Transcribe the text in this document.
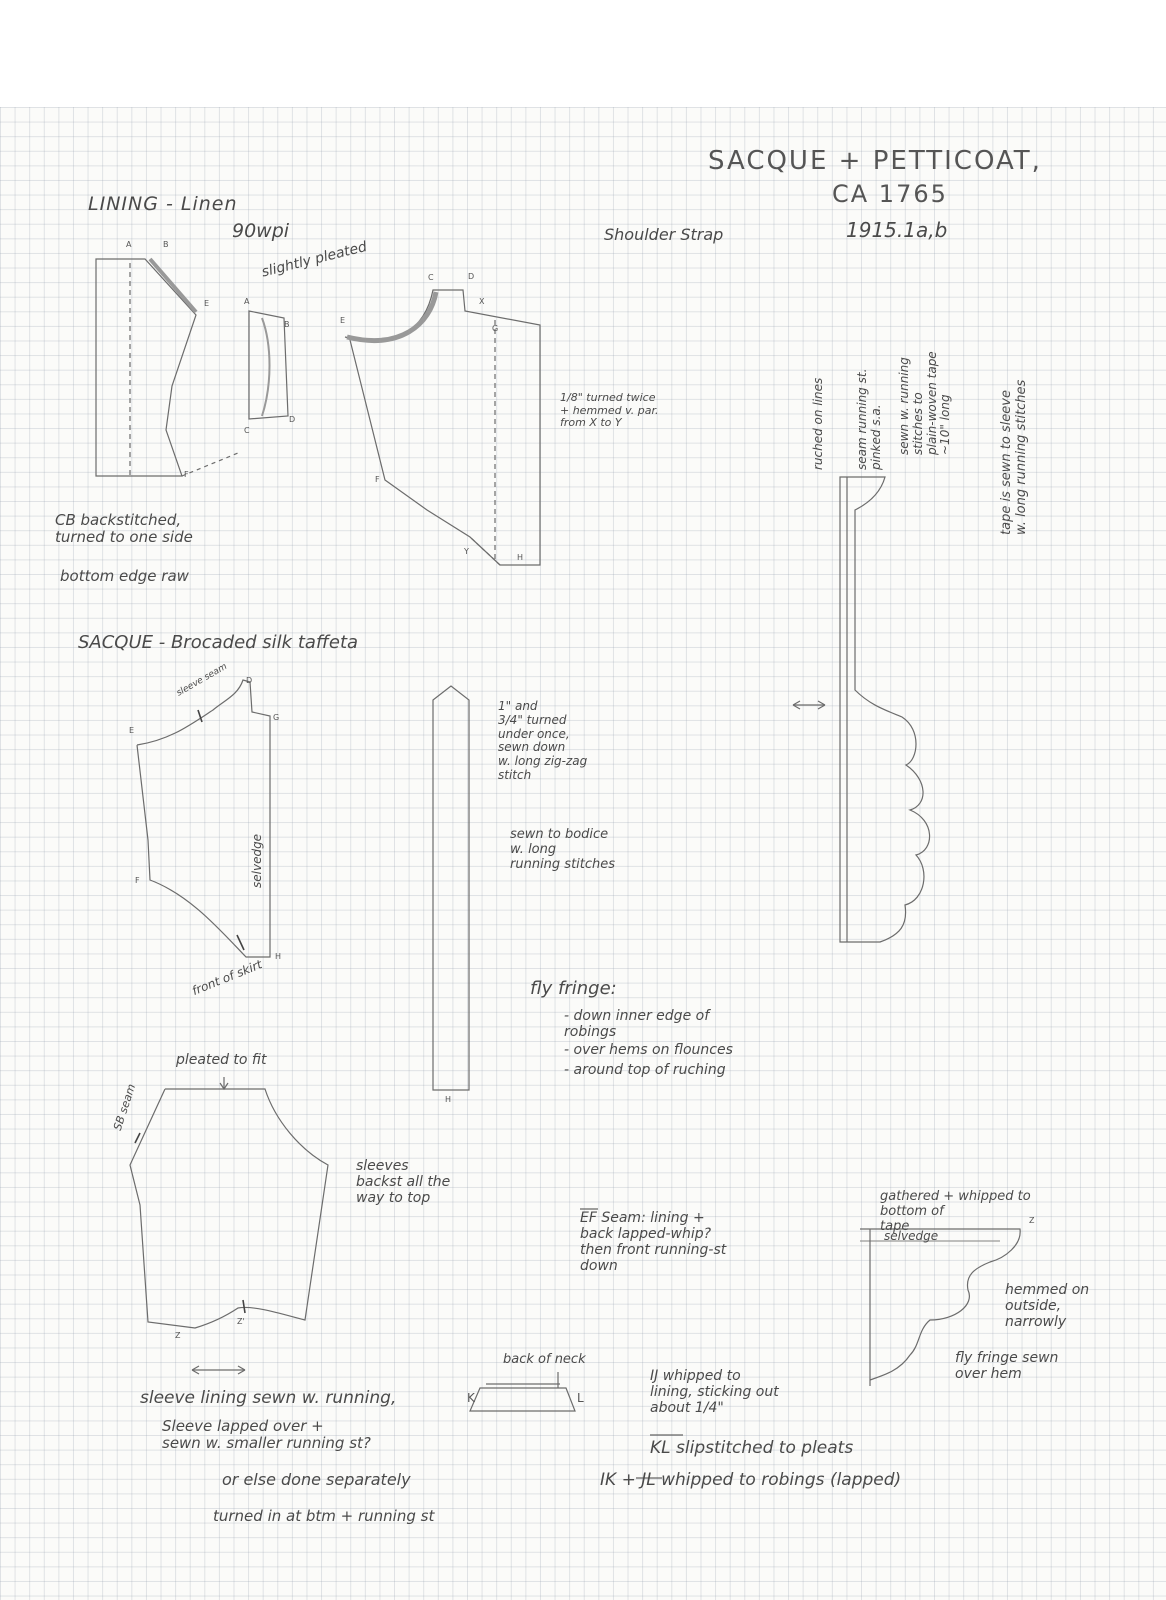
A	B
E	A
B
C
D
F
C	D
E
X
G
F
Y
H
D
E
G
F
H
H
Z
Z'
Z
K	L
SACQUE + PETTICOAT,
CA 1765
1915.1a,b
Shoulder Strap
LINING - Linen
90wpi
slightly pleated
1/8" turned twice
+ hemmed v. par.
from X to Y
CB backstitched,
turned to one side
bottom edge raw
ruched on lines	seam running st.
pinked s.a.
sewn w. running
stitches to
plain-woven tape
~10" long
tape is sewn to sleeve
w. long running stitches
SACQUE - Brocaded silk taffeta
sleeve seam
selvedge
front of skirt
1" and
3/4" turned
under once,
sewn down
w. long zig-zag
stitch
sewn to bodice
w. long
running stitches
fly fringe:
- down inner edge of
robings
- over hems on flounces
- around top of ruching
pleated to fit
SB seam
sleeves
backst all the
way to top
sleeve lining sewn w. running,
Sleeve lapped over +
sewn w. smaller running st?
or else done separately
turned in at btm + running st
back of neck
EF Seam: lining +
back lapped-whip?
then front running-st
down
IJ whipped to
lining, sticking out
about 1/4"
KL slipstitched to pleats
IK + JL whipped to robings (lapped)
gathered + whipped to
bottom of
tape
selvedge
hemmed on
outside,
narrowly
fly fringe sewn
over hem
